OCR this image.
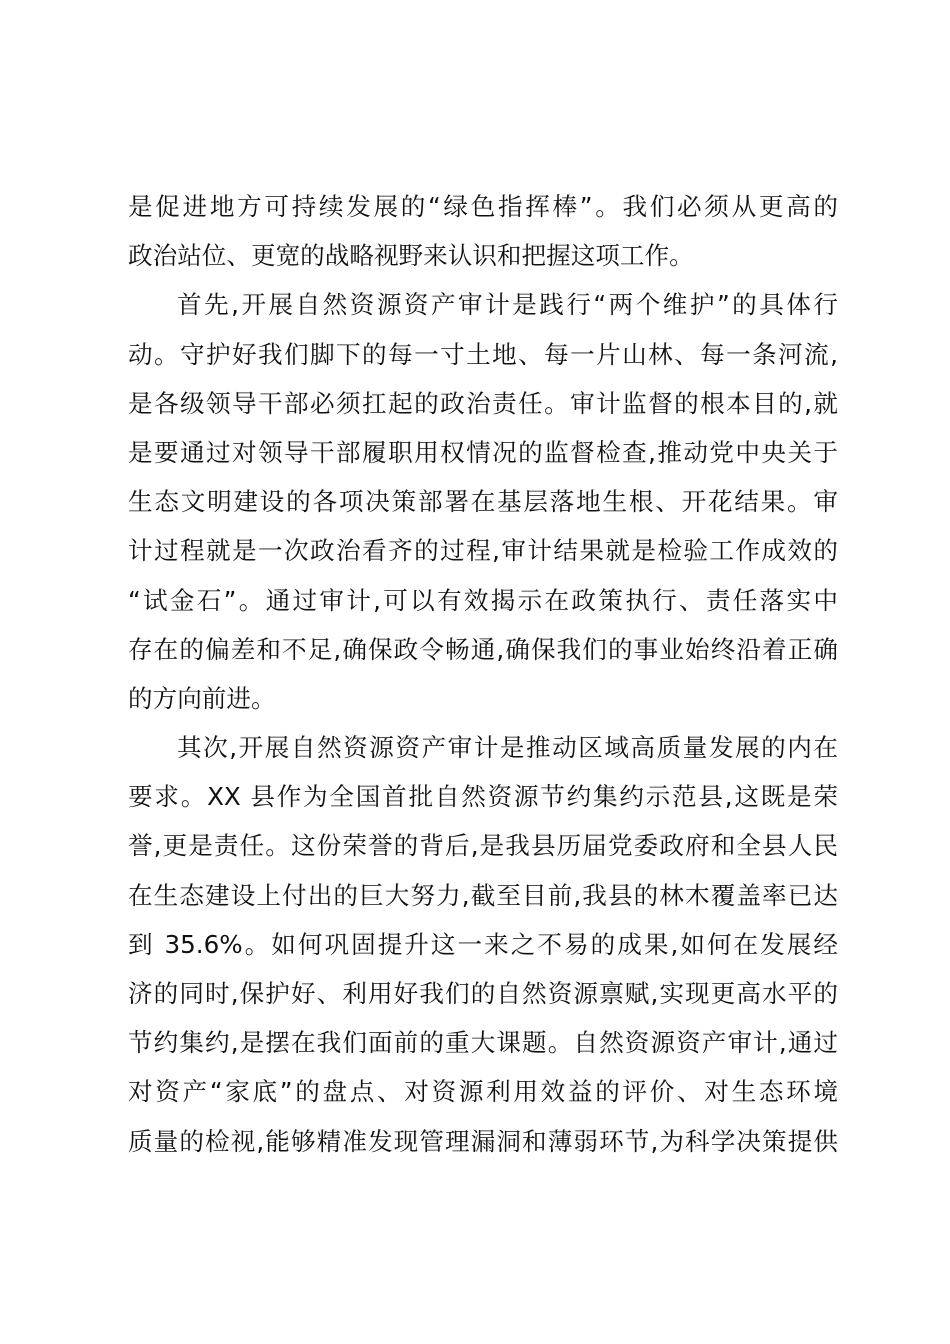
是促进地方可持续发展的“绿色指挥棒”。我们必须从更高的
政治站位、更宽的战略视野来认识和把握这项工作。
首先,开展自然资源资产审计是践行“两个维护”的具体行
动。守护好我们脚下的每一寸土地、每一片山林、每一条河流,
是各级领导干部必须扛起的政治责任。审计监督的根本目的,就
是要通过对领导干部履职用权情况的监督检查,推动党中央关于
生态文明建设的各项决策部署在基层落地生根、开花结果。审
计过程就是一次政治看齐的过程,审计结果就是检验工作成效的
“试金石”。通过审计,可以有效揭示在政策执行、责任落实中
存在的偏差和不足,确保政令畅通,确保我们的事业始终沿着正确
的方向前进。
其次,开展自然资源资产审计是推动区域高质量发展的内在
要求。XX 县作为全国首批自然资源节约集约示范县,这既是荣
誉,更是责任。这份荣誉的背后,是我县历届党委政府和全县人民
在生态建设上付出的巨大努力,截至目前,我县的林木覆盖率已达
到 35.6%。如何巩固提升这一来之不易的成果,如何在发展经
济的同时,保护好、利用好我们的自然资源禀赋,实现更高水平的
节约集约,是摆在我们面前的重大课题。自然资源资产审计,通过
对资产“家底”的盘点、对资源利用效益的评价、对生态环境
质量的检视,能够精准发现管理漏洞和薄弱环节,为科学决策提供
